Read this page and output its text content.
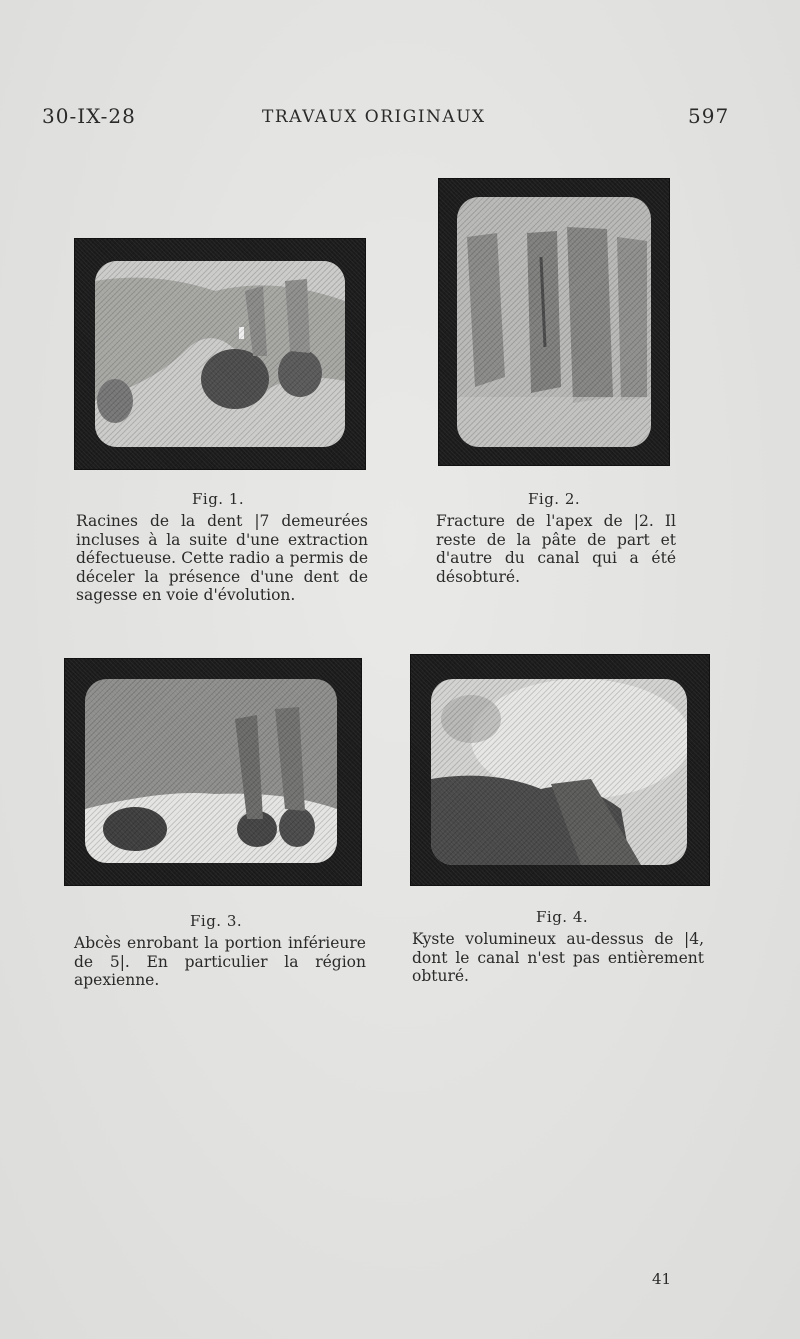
30-IX-28	TRAVAUX ORIGINAUX	597
Fig. 1.
Racines de la dent |7 demeurées incluses à la suite d'une extraction défectueuse. Cette radio a permis de déceler la présence d'une dent de sagesse en voie d'évolution.
Fig. 2.
Fracture de l'apex de |2. Il reste de la pâte de part et d'autre du canal qui a été désobturé.
Fig. 3.
Abcès enrobant la portion inférieure de 5|. En particulier la région apexienne.
Fig. 4.
Kyste volumineux au-dessus de |4, dont le canal n'est pas entièrement obturé.
41
